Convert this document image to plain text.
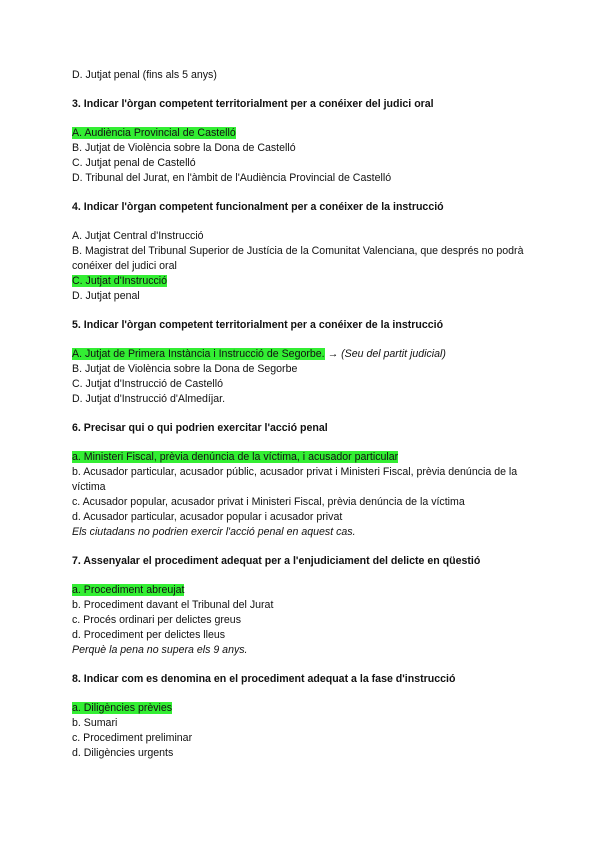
D. Jutjat penal (fins als 5 anys)

3. Indicar l'òrgan competent territorialment per a conéixer del judici oral

A. Audiència Provincial de Castelló

B. Jutjat de Violència sobre la Dona de Castelló

C. Jutjat penal de Castelló

D. Tribunal del Jurat, en l'àmbit de l'Audiència Provincial de Castelló

4. Indicar l'òrgan competent funcionalment per a conéixer de la instrucció

A. Jutjat Central d'Instrucció

B. Magistrat del Tribunal Superior de Justícia de la Comunitat Valenciana, que després no podrà conéixer del judici oral

C. Jutjat d'Instrucció

D. Jutjat penal

5. Indicar l'òrgan competent territorialment per a conéixer de la instrucció

A. Jutjat de Primera Instància i Instrucció de Segorbe. → (Seu del partit judicial)

B. Jutjat de Violència sobre la Dona de Segorbe

C. Jutjat d'Instrucció de Castelló

D. Jutjat d'Instrucció d'Almedíjar.

6. Precisar qui o qui podrien exercitar l'acció penal

a. Ministeri Fiscal, prèvia denúncia de la víctima, i acusador particular

b. Acusador particular, acusador públic, acusador privat i Ministeri Fiscal, prèvia denúncia de la víctima

c. Acusador popular, acusador privat i Ministeri Fiscal, prèvia denúncia de la víctima

d. Acusador particular, acusador popular i acusador privat

Els ciutadans no podrien exercir l'acció penal en aquest cas.

7. Assenyalar el procediment adequat per a l'enjudiciament del delicte en qüestió

a. Procediment abreujat

b. Procediment davant el Tribunal del Jurat

c. Procés ordinari per delictes greus

d. Procediment per delictes lleus

Perquè la pena no supera els 9 anys.

8. Indicar com es denomina en el procediment adequat a la fase d'instrucció

a. Diligències prèvies

b. Sumari

c. Procediment preliminar

d. Diligències urgents
